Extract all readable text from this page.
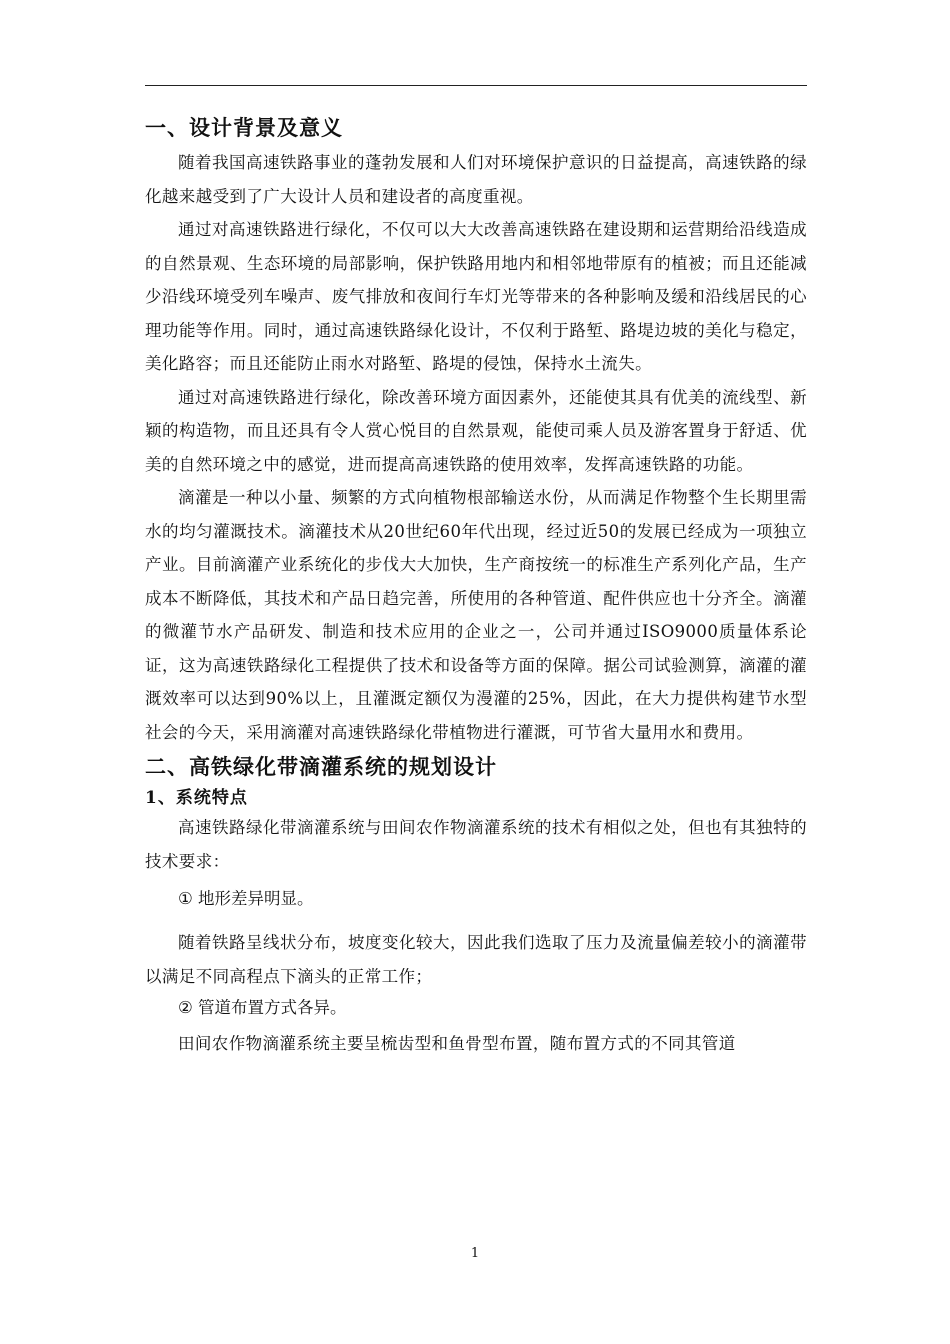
一、设计背景及意义

随着我国高速铁路事业的蓬勃发展和人们对环境保护意识的日益提高，高速铁路的绿化越来越受到了广大设计人员和建设者的高度重视。

通过对高速铁路进行绿化，不仅可以大大改善高速铁路在建设期和运营期给沿线造成的自然景观、生态环境的局部影响，保护铁路用地内和相邻地带原有的植被；而且还能减少沿线环境受列车噪声、废气排放和夜间行车灯光等带来的各种影响及缓和沿线居民的心理功能等作用。同时，通过高速铁路绿化设计，不仅利于路堑、路堤边坡的美化与稳定，美化路容；而且还能防止雨水对路堑、路堤的侵蚀，保持水土流失。

通过对高速铁路进行绿化，除改善环境方面因素外，还能使其具有优美的流线型、新颖的构造物，而且还具有令人赏心悦目的自然景观，能使司乘人员及游客置身于舒适、优美的自然环境之中的感觉，进而提高高速铁路的使用效率，发挥高速铁路的功能。

滴灌是一种以小量、频繁的方式向植物根部输送水份，从而满足作物整个生长期里需水的均匀灌溉技术。滴灌技术从20世纪60年代出现，经过近50的发展已经成为一项独立产业。目前滴灌产业系统化的步伐大大加快，生产商按统一的标准生产系列化产品，生产成本不断降低，其技术和产品日趋完善，所使用的各种管道、配件供应也十分齐全。滴灌的微灌节水产品研发、制造和技术应用的企业之一，公司并通过ISO9000质量体系论证，这为高速铁路绿化工程提供了技术和设备等方面的保障。据公司试验测算，滴灌的灌溉效率可以达到90%以上，且灌溉定额仅为漫灌的25%，因此，在大力提供构建节水型社会的今天，采用滴灌对高速铁路绿化带植物进行灌溉，可节省大量用水和费用。

二、高铁绿化带滴灌系统的规划设计
1、系统特点

高速铁路绿化带滴灌系统与田间农作物滴灌系统的技术有相似之处，但也有其独特的技术要求：

① 地形差异明显。

随着铁路呈线状分布，坡度变化较大，因此我们选取了压力及流量偏差较小的滴灌带以满足不同高程点下滴头的正常工作；

② 管道布置方式各异。

田间农作物滴灌系统主要呈梳齿型和鱼骨型布置，随布置方式的不同其管道

1
